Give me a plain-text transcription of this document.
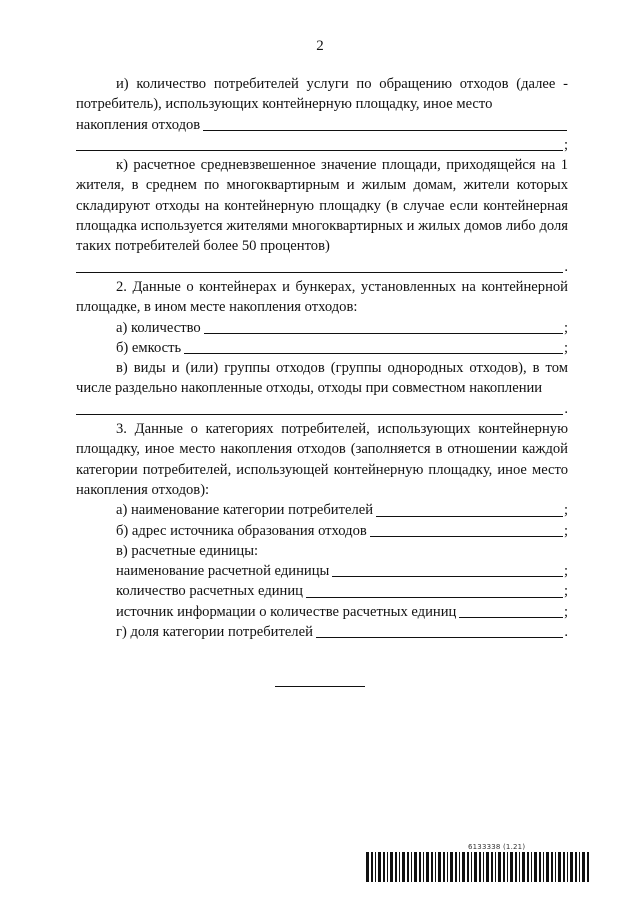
2

и) количество потребителей услуги по обращению отходов (далее - потребитель), использующих контейнерную площадку, иное место

накопления отходов
;

к) расчетное средневзвешенное значение площади, приходящейся на 1 жителя, в среднем по многоквартирным и жилым домам, жители которых складируют отходы на контейнерную площадку (в случае если контейнерная площадка используется жителями многоквартирных и жилых домов либо доля таких потребителей более 50 процентов)

.

2. Данные о контейнерах и бункерах, установленных на контейнерной площадке, в ином месте накопления отходов:

а) количество	;
б) емкость	;

в) виды и (или) группы отходов (группы однородных отходов), в том числе раздельно накопленные отходы, отходы при совместном накоплении

.

3. Данные о категориях потребителей, использующих контейнерную площадку, иное место накопления отходов (заполняется в отношении каждой категории потребителей, использующей контейнерную площадку, иное место накопления отходов):

а) наименование категории потребителей	;
б) адрес источника образования отходов	;
в) расчетные единицы:
наименование расчетной единицы	;
количество расчетных единиц	;
источник информации о количестве расчетных единиц	;
г) доля категории потребителей	.
6133338 (1.21)
